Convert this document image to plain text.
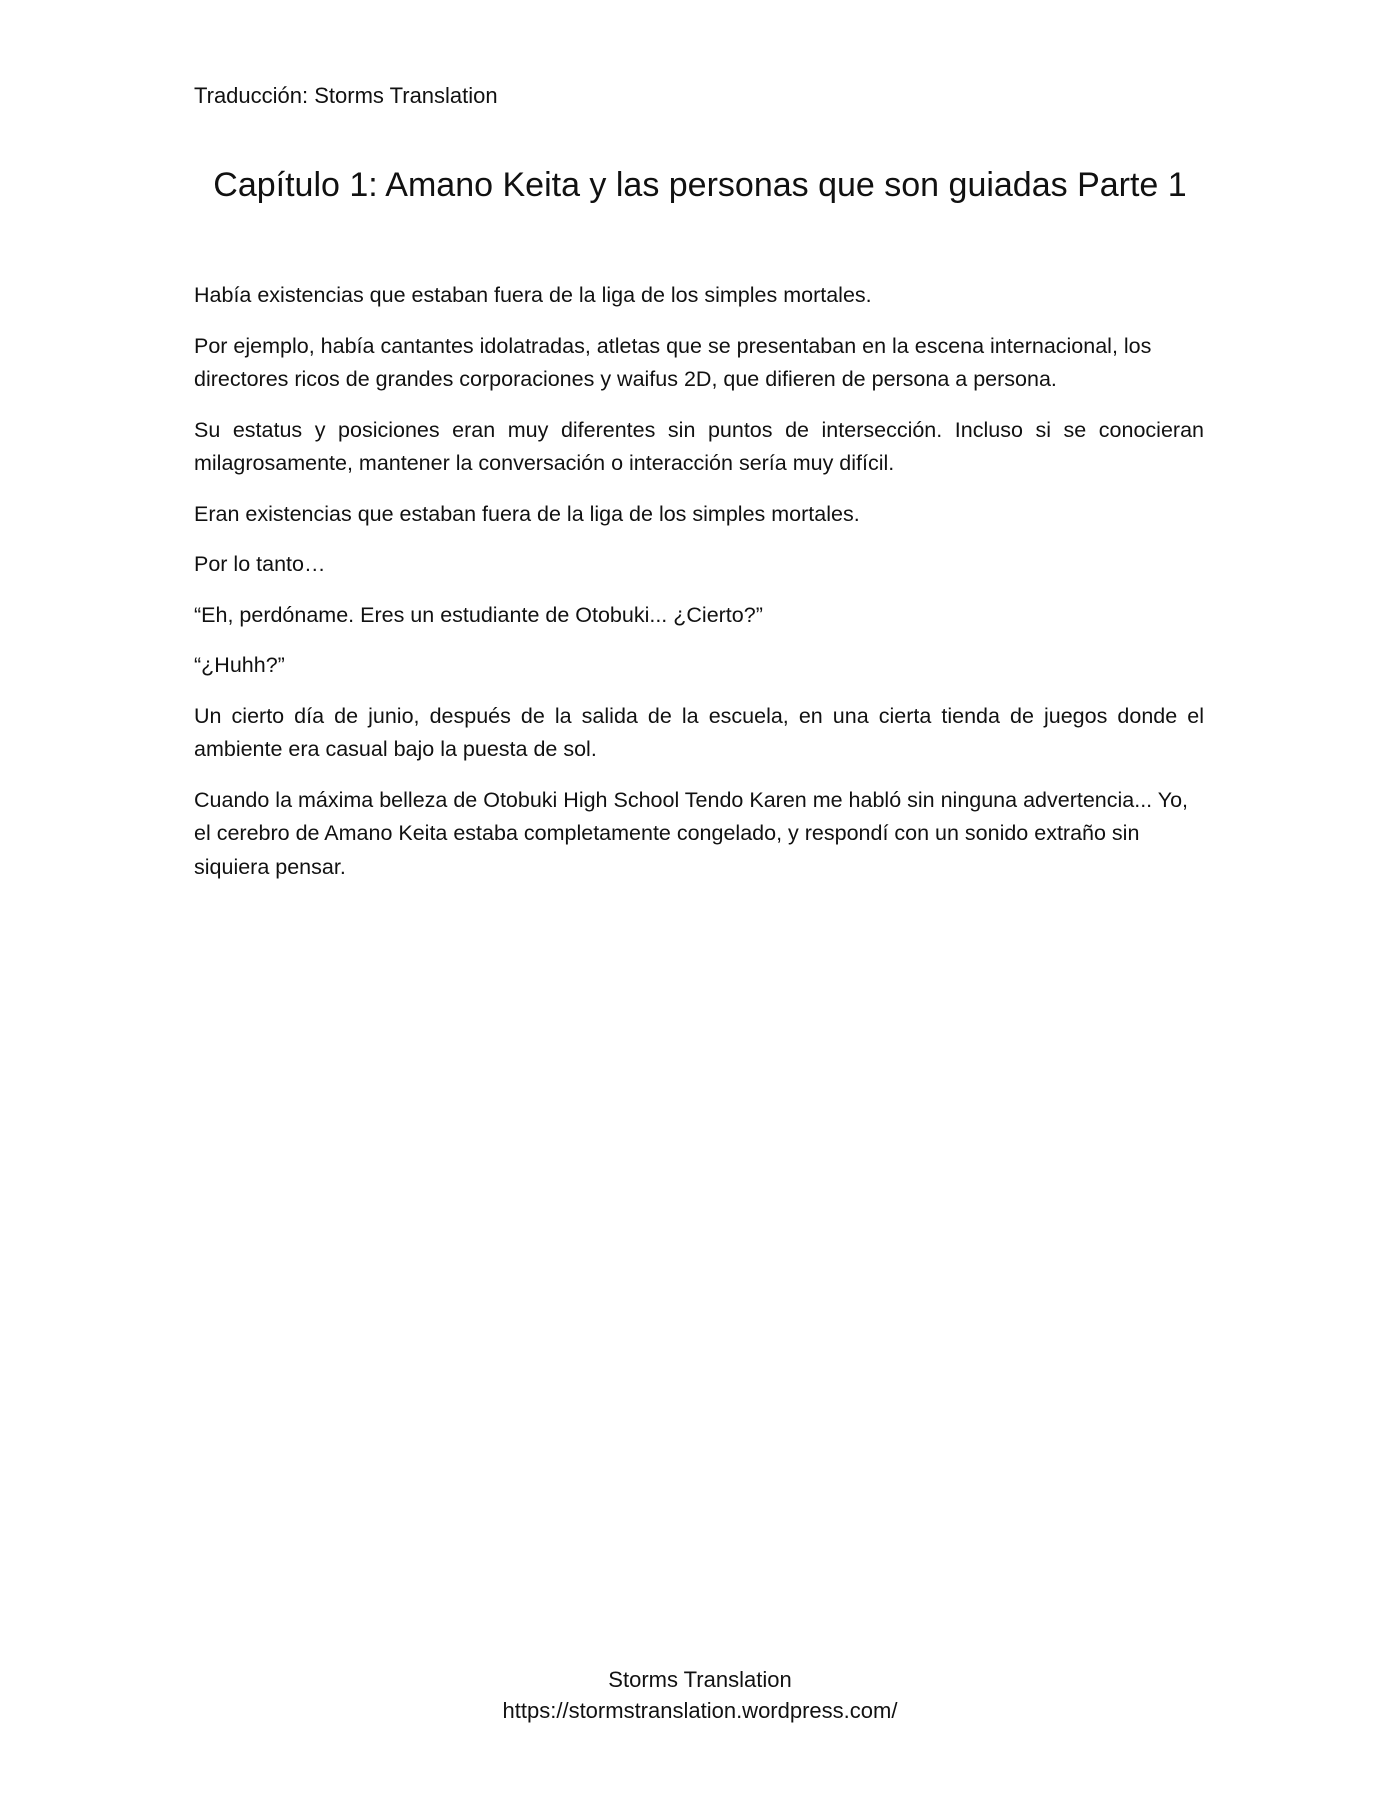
Traducción: Storms Translation
Capítulo 1: Amano Keita y las personas que son guiadas Parte 1

Había existencias que estaban fuera de la liga de los simples mortales.

Por ejemplo, había cantantes idolatradas, atletas que se presentaban en la escena internacional, los directores ricos de grandes corporaciones y waifus 2D, que difieren de persona a persona.

Su estatus y posiciones eran muy diferentes sin puntos de intersección. Incluso si se conocieran milagrosamente, mantener la conversación o interacción sería muy difícil.

Eran existencias que estaban fuera de la liga de los simples mortales.

Por lo tanto…

“Eh, perdóname. Eres un estudiante de Otobuki... ¿Cierto?”

“¿Huhh?”

Un cierto día de junio, después de la salida de la escuela, en una cierta tienda de juegos donde el ambiente era casual bajo la puesta de sol.

Cuando la máxima belleza de Otobuki High School Tendo Karen me habló sin ninguna advertencia... Yo, el cerebro de Amano Keita estaba completamente congelado, y respondí con un sonido extraño sin siquiera pensar.

Storms Translation
https://stormstranslation.wordpress.com/
